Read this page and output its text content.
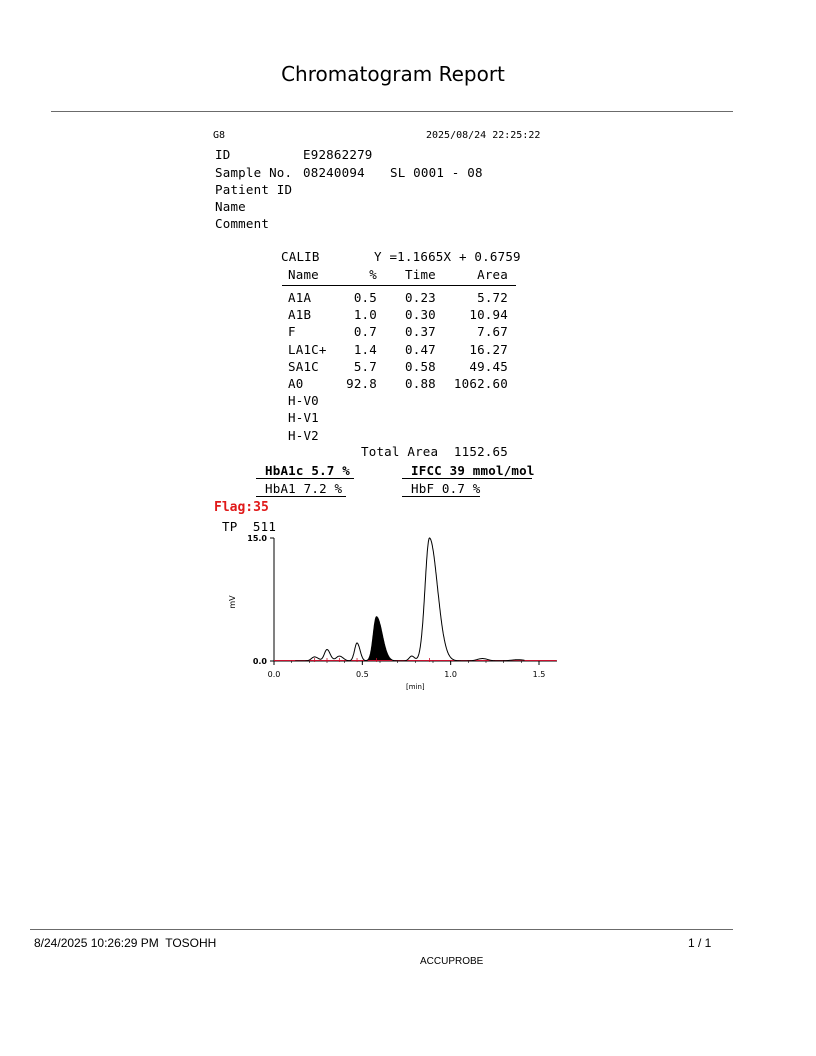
Chromatogram Report
G8	2025/08/24 22:25:22
ID	E92862279
Sample No. 08240094 SL 0001 - 08
Patient ID
Name
Comment
CALIB	Y =1.1665X + 0.6759
Name	% Time	Area
A1A	0.5 0.23	5.72
A1B	1.0 0.30	10.94
F	0.7 0.37	7.67
LA1C+	1.4 0.47	16.27
SA1C	5.7 0.58	49.45
A0	92.8 0.88	1062.60
H-V0
H-V1
H-V2
Total Area	1152.65
HbA1c 5.7 %	IFCC 39 mmol/mol
HbA1 7.2 %	HbF 0.7 %
Flag:35
TP  511
0.0
15.0
0.0	0.5	1.0	1.5
[min]
mV
8/24/2025 10:26:29 PM  TOSOHH	1 / 1
ACCUPROBE
